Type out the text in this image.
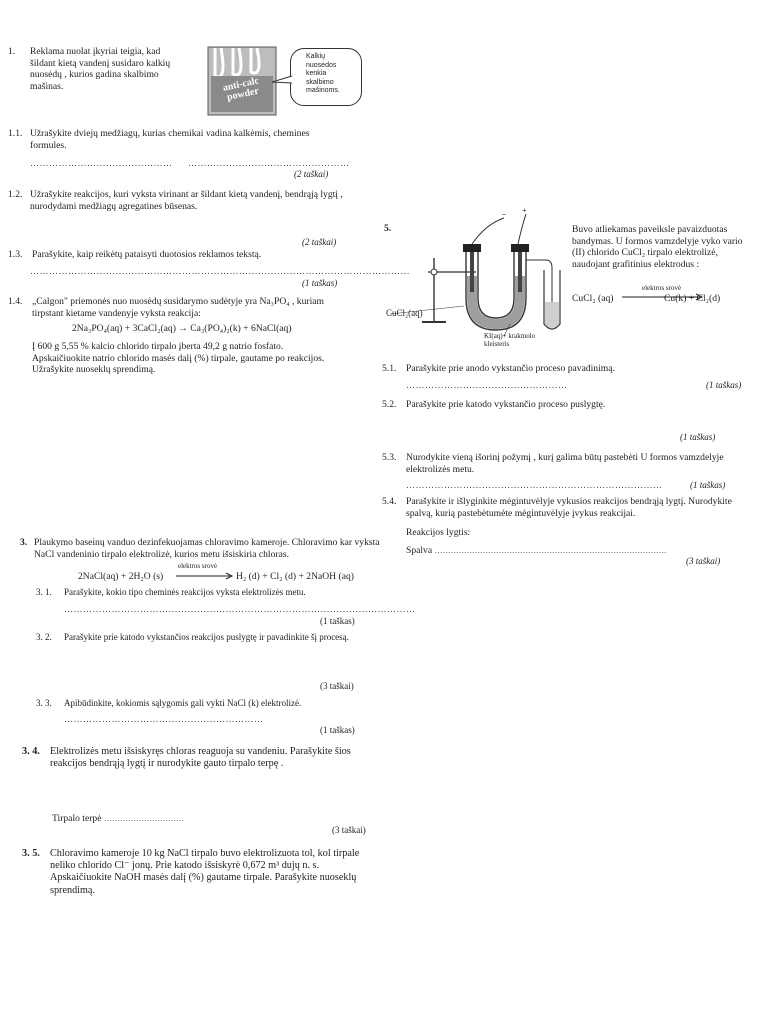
1. Reklama nuolat įkyriai teigia, kad šildant kietą vandenį susidaro kalkių nuosėdų , kurios gadina skalbimo mašinas.	anti-calc powder
Kalkių
nuosėdos
kenkia
skalbimo
mašinoms.
1.1. Užrašykite dviejų medžiagų, kurias chemikai vadina kalkėmis, chemines formules.
……………………………………… ……………………………………………
(2 taškai)
1.2. Užrašykite reakcijos, kuri vyksta virinant ar šildant kietą vandenį, bendrąją lygtį , nurodydami medžiagų agregatines būsenas.
(2 taškai)
1.3. Parašykite, kaip reikėtų pataisyti duotosios reklamos tekstą.
…………………………………………………………………………………………………………
(1 taškas)
1.4. „Calgon" priemonės nuo nuosėdų susidarymo sudėtyje yra Na₃PO₄ , kuriam tirpstant kietame vandenyje vyksta reakcija:
2Na₃PO₄(aq) + 3CaCl₂(aq) → Ca₃(PO₄)₂(k) + 6NaCl(aq)
Į 600 g 5,55 % kalcio chlorido tirpalo įberta 49,2 g natrio fosfato. Apskaičiuokite natrio chlorido masės dalį (%) tirpale, gautame po reakcijos. Užrašykite nuoseklų sprendimą.
3. Plaukymo baseinų vanduo dezinfekuojamas chloravimo kameroje. Chloravimo kar vyksta NaCl vandeninio tirpalo elektrolizė, kurios metu išsiskiria chloras.
2NaCl(aq) + 2H₂O (s)
elektros srovė
H₂ (d) + Cl₂ (d) + 2NaOH (aq)
3. 1. Parašykite, kokio tipo cheminės reakcijos vyksta elektrolizės metu.
…………………………………………………………………………………………………
(1 taškas)
3. 2. Parašykite prie katodo vykstančios reakcijos puslygtę ir pavadinkite šį procesą.
(3 taškai)
3. 3. Apibūdinkite, kokiomis sąlygomis gali vykti NaCl (k) elektrolizė.
………………………………………………………
(1 taškas)
3. 4. Elektrolizės metu išsiskyręs chloras reaguoja su vandeniu. Parašykite šios reakcijos bendrąją lygtį ir nurodykite gauto tirpalo terpę .
Tirpalo terpė …………………………
(3 taškai)
3. 5. Chloravimo kameroje 10 kg NaCl tirpalo buvo elektrolizuota tol, kol tirpale neliko chlorido Cl⁻ jonų. Prie katodo išsiskyrė 0,672 m³ dujų n. s. Apskaičiuokite NaOH masės dalį (%) gautame tirpale. Parašykite nuoseklų sprendimą.
5.
– +
CuCl₂(aq)
KI(aq)+ krakmolo
kleisteris
Buvo atliekamas paveiksle pavaizduotas bandymas. U formos vamzdelyje vyko vario (II) chlorido CuCl₂ tirpalo elektrolizė, naudojant grafitinius elektrodus :
CuCl₂ (aq)
elektros srovė
Cu(k) + Cl₂(d)
5.1. Parašykite prie anodo vykstančio proceso pavadinimą.
……………………………………………	(1 taškas)
5.2. Parašykite prie katodo vykstančio proceso puslygtę.
(1 taškas)
5.3. Nurodykite vieną išorinį požymį , kurį galima būtų pastebėti U formos vamzdelyje elektrolizės metu.
………………………………………………………………………	(1 taškas)
5.4. Parašykite ir išlyginkite mėgintuvėlyje vykusios reakcijos bendrąją lygtį. Nurodykite spalvą, kurią pastebėtumėte mėgintuvėlyje įvykus reakcijai.
Reakcijos lygtis:
Spalva ……………………………………………………………………………
(3 taškai)
